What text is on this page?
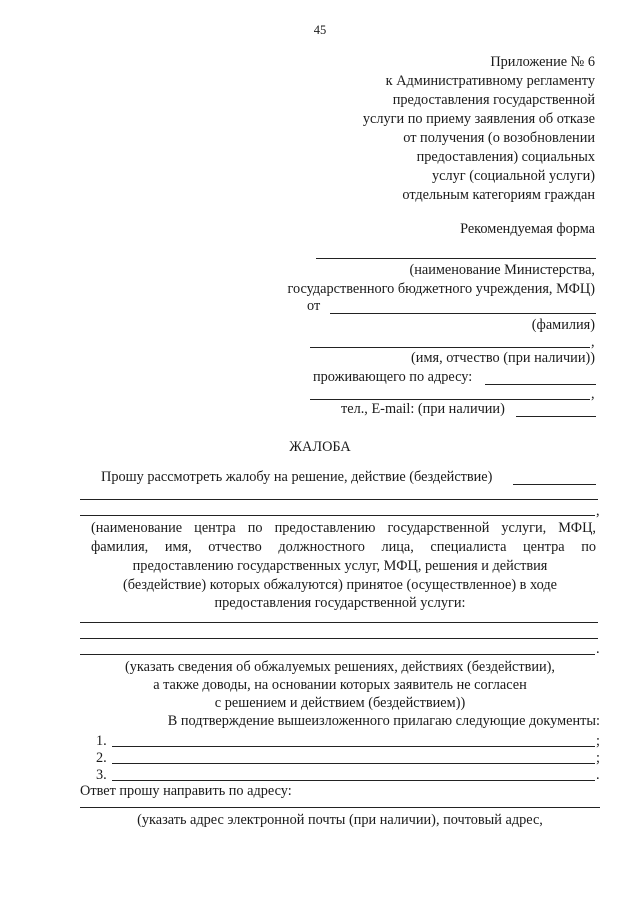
45
Приложение № 6
к Административному регламенту
предоставления государственной
услуги по приему заявления об отказе
от получения (о возобновлении
предоставления) социальных
услуг (социальной услуги)
отдельным категориям граждан
Рекомендуемая форма
(наименование Министерства,
государственного бюджетного учреждения, МФЦ)
от
(фамилия)
,
(имя, отчество (при наличии))
проживающего по адресу:
,
тел., E-mail: (при наличии)
ЖАЛОБА
Прошу рассмотреть жалобу на решение, действие (бездействие)
,
(наименование центра по предоставлению государственной услуги, МФЦ,
фамилия, имя, отчество должностного лица, специалиста центра по
предоставлению государственных услуг, МФЦ, решения и действия
(бездействие) которых обжалуются) принятое (осуществленное) в ходе
предоставления государственной услуги:
.
(указать сведения об обжалуемых решениях, действиях (бездействии),
а также доводы, на основании которых заявитель не согласен
с решением и действием (бездействием))
В подтверждение вышеизложенного прилагаю следующие документы:
1.	;
2.	;
3.	.
Ответ прошу направить по адресу:
(указать адрес электронной почты (при наличии), почтовый адрес,
